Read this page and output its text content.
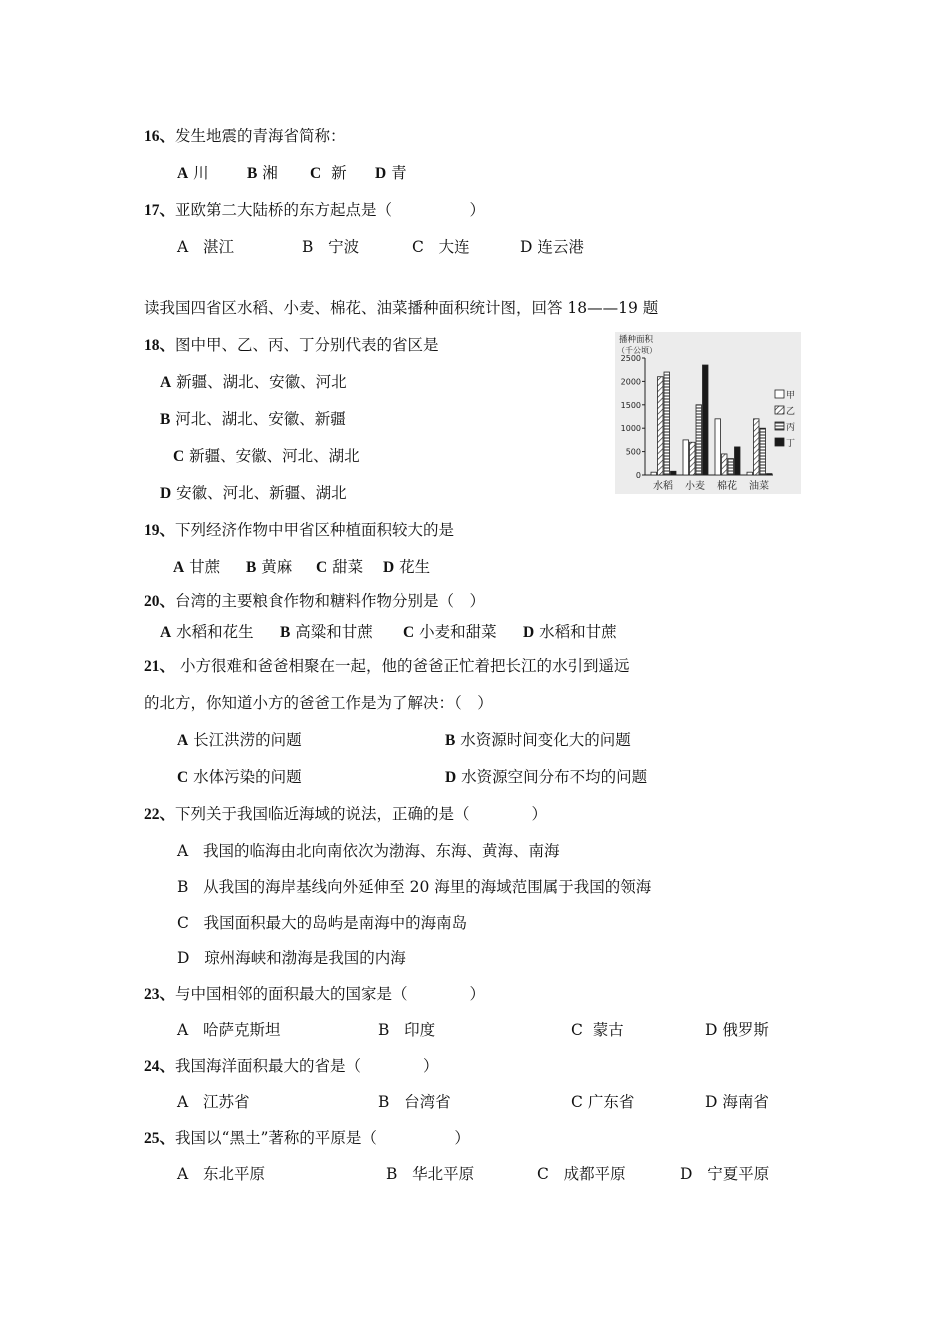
16、发生地震的青海省简称：
A 川 B 湘 C 新 D 青
17、亚欧第二大陆桥的东方起点是（　　　　　）
A 湛江	B 宁波	C 大连	D 连云港
读我国四省区水稻、小麦、棉花、油菜播种面积统计图，回答 18——19 题
18、图中甲、乙、丙、丁分别代表的省区是
A 新疆、湖北、安徽、河北
B 河北、湖北、安徽、新疆
C 新疆、安徽、河北、湖北
D 安徽、河北、新疆、湖北
播种面积
（千公顷）
0
500
1000
1500
2000
2500
水稻 小麦 棉花 油菜
甲
乙
丙
丁
19、下列经济作物中甲省区种植面积较大的是
A 甘蔗 B 黄麻 C 甜菜 D 花生
20、台湾的主要粮食作物和糖料作物分别是（　）
A 水稻和花生 B 高粱和甘蔗 C 小麦和甜菜 D 水稻和甘蔗
21、 小方很难和爸爸相聚在一起，他的爸爸正忙着把长江的水引到遥远
的北方，你知道小方的爸爸工作是为了解决：（　）
A 长江洪涝的问题	B 水资源时间变化大的问题
C 水体污染的问题	D 水资源空间分布不均的问题
22、下列关于我国临近海域的说法，正确的是（　　　　）
A 我国的临海由北向南依次为渤海、东海、黄海、南海
B 从我国的海岸基线向外延伸至 20 海里的海域范围属于我国的领海
C 我国面积最大的岛屿是南海中的海南岛
D 琼州海峡和渤海是我国的内海
23、与中国相邻的面积最大的国家是（　　　　）
A 哈萨克斯坦	B 印度	C 蒙古	D 俄罗斯
24、我国海洋面积最大的省是（　　　　）
A 江苏省	B 台湾省	C 广东省	D 海南省
25、我国以“黑土”著称的平原是（　　　　　）
A 东北平原	B 华北平原	C 成都平原	D 宁夏平原
